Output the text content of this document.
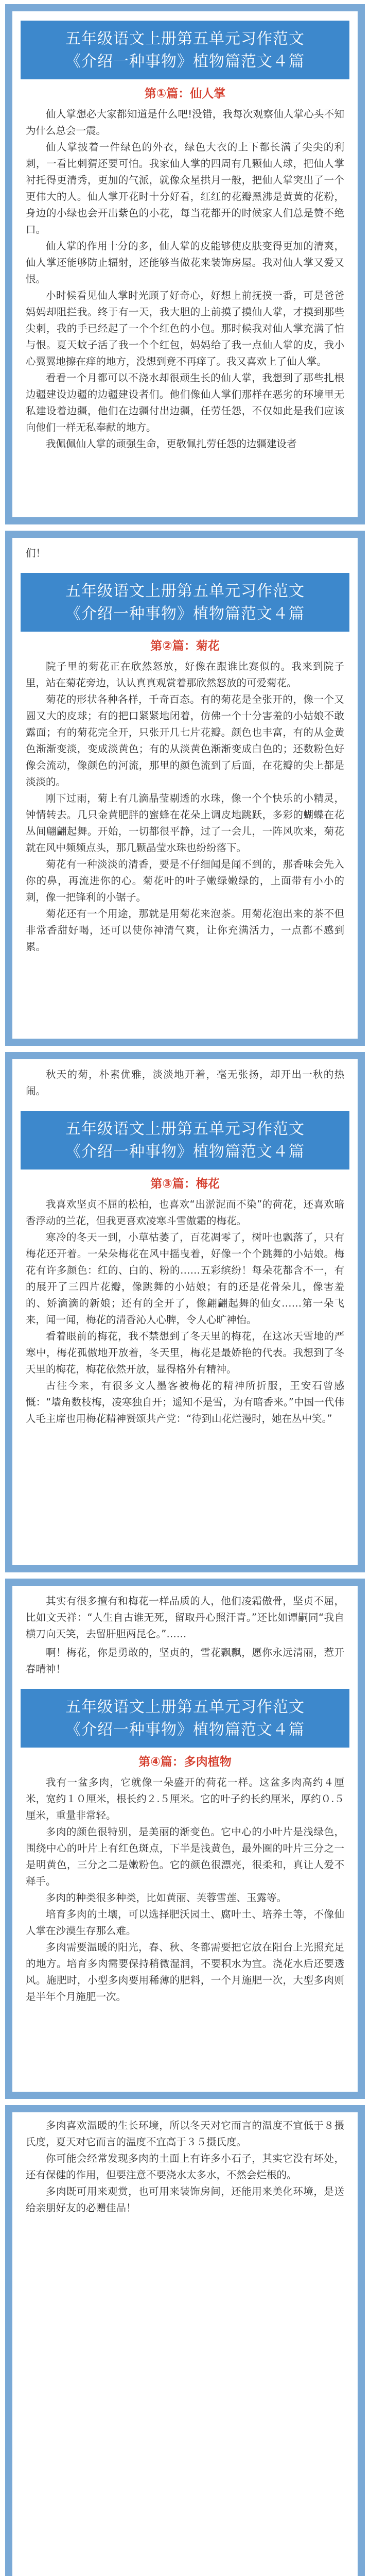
五年级语文上册第五单元习作范文
《介绍一种事物》植物篇范文４篇
第①篇：仙人掌

仙人掌想必大家都知道是什么吧!没错，我每次观察仙人掌心头不知为什么总会一震。

仙人掌披着一件绿色的外衣，绿色大衣的上下都长满了尖尖的利刺，一看比刺猬还要可怕。我家仙人掌的四周有几颗仙人球，把仙人掌衬托得更清秀，更加的气派，就像众星拱月一般，把仙人掌突出了一个更伟大的人。仙人掌开花时十分好看，红红的花瓣黑沸是黄黄的花粉，身边的小绿也会开出紫色的小花，每当花都开的时候家人们总是赞不绝口。

仙人掌的作用十分的多，仙人掌的皮能够使皮肤变得更加的清爽，仙人掌还能够防止辐射，还能够当做花来装饰房屋。我对仙人掌又爱又恨。

小时候看见仙人掌时光顾了好奇心，好想上前抚摸一番，可是爸爸妈妈却阻拦我。终于有一天，我大胆的上前摸了摸仙人掌，才摸到那些尖刺，我的手已经起了一个个红色的小包。那时候我对仙人掌充满了怕与恨。夏天蚊子活了我一个个红包，妈妈给了我一点仙人掌的皮，我小心翼翼地擦在痒的地方，没想到竟不再痒了。我又喜欢上了仙人掌。

看看一个月都可以不浇水却很顽生长的仙人掌，我想到了那些扎根边疆建设边疆的边疆建设者们。他们像仙人掌们那样在恶劣的环境里无私建设着边疆，他们在边疆付出边疆，任劳任怨，不仅如此是我们应该向他们一样无私奉献的地方。

我佩佩仙人掌的顽强生命，更敬佩扎劳任怨的边疆建设者

们！

五年级语文上册第五单元习作范文
《介绍一种事物》植物篇范文４篇
第②篇：菊花

院子里的菊花正在欣然怒放，好像在跟谁比赛似的。我来到院子里，站在菊花旁边，认认真真观赏着那欣然怒放的可爱菊花。

菊花的形状各种各样，千奇百态。有的菊花是全张开的，像一个又圆又大的皮球；有的把口紧紧地闭着，仿佛一个十分害羞的小姑娘不敢露面；有的菊花完全开，只张开几七片花瓣。颜色也丰富，有的从金黄色渐渐变淡，变成淡黄色；有的从淡黄色渐渐变成白色的；还数粉色好像会流动，像颜色的河流，那里的颜色流到了后面，在花瓣的尖上都是淡淡的。

刚下过雨，菊上有几滴晶莹剔透的水珠，像一个个快乐的小精灵，钟情转去。几只金黄肥胖的蜜蜂在花朵上调皮地跳跃，多彩的蝴蝶在花丛间翩翩起舞。开始，一切都很平静，过了一会儿，一阵风吹来，菊花就在风中频频点头，那几颗晶莹水珠也纷纷落下。

菊花有一种淡淡的清香，要是不仔细闻是闻不到的，那香味会先入你的鼻，再流进你的心。菊花叶的叶子嫩绿嫩绿的，上面带有小小的刺，像一把锋利的小锯子。

菊花还有一个用途，那就是用菊花来泡茶。用菊花泡出来的茶不但非常香甜好喝，还可以使你神清气爽，让你充满活力，一点都不感到累。

秋天的菊，朴素优雅，淡淡地开着，毫无张扬，却开出一秋的热闹。

五年级语文上册第五单元习作范文
《介绍一种事物》植物篇范文４篇
第③篇：梅花

我喜欢坚贞不屈的松柏，也喜欢“出淤泥而不染”的荷花，还喜欢暗香浮动的兰花，但我更喜欢凌寒斗雪傲霜的梅花。

寒冷的冬天一到，小草枯萎了，百花凋零了，树叶也飘落了，只有梅花还开着。一朵朵梅花在风中摇曳着，好像一个个跳舞的小姑娘。梅花有许多颜色：红的、白的、粉的……五彩缤纷！每朵花都含不一，有的展开了三四片花瓣，像跳舞的小姑娘；有的还是花骨朵儿，像害羞的、娇滴滴的新娘；还有的全开了，像翩翩起舞的仙女……第一朵飞来，闻一闻，梅花的清香沁人心脾，令人心旷神怡。

看着眼前的梅花，我不禁想到了冬天里的梅花，在这冰天雪地的严寒中，梅花孤傲地开放着，冬天里，梅花是最娇艳的代表。我想到了冬天里的梅花，梅花依然开放，显得格外有精神。

古往今来，有很多文人墨客被梅花的精神所折服，王安石曾感慨：“墙角数枝梅，凌寒独自开；遥知不是雪，为有暗香来。”中国一代伟人毛主席也用梅花精神赞颂共产党：“待到山花烂漫时，她在丛中笑。”

其实有很多擅有和梅花一样品质的人，他们凌霜傲骨，坚贞不屈，比如文天祥：“人生自古谁无死，留取丹心照汗青。”还比如谭嗣同“我自横刀向天笑，去留肝胆两昆仑。”……

啊！梅花，你是勇敢的，坚贞的，雪花飘飘，愿你永远清丽，惹开春晴神！

五年级语文上册第五单元习作范文
《介绍一种事物》植物篇范文４篇
第④篇：多肉植物

我有一盆多肉，它就像一朵盛开的荷花一样。这盆多肉高约４厘米，宽约１０厘米，根长约２.５厘米。它的叶子约长约厘米，厚约０.５厘米，重量非常轻。

多肉的颜色很特别，是美丽的渐变色。它中心的小叶片是浅绿色，围绕中心的叶片上有红色斑点，下半是浅黄色，最外圈的叶片三分之一是明黄色，三分之二是嫩粉色。它的颜色很漂亮，很柔和，真让人爱不释手。

多肉的种类很多种类，比如黄丽、芙蓉雪莲、玉露等。

培育多肉的土壤，可以选择肥沃园土、腐叶土、培养土等，不像仙人掌在沙漠生存那么难。

多肉需要温暖的阳光，春、秋、冬都需要把它放在阳台上光照充足的地方。培育多肉需要保持稍微湿润，不要积水为宜。浇花水后还要透风。施肥时，小型多肉要用稀薄的肥料，一个月施肥一次，大型多肉则是半年个月施肥一次。

多肉喜欢温暖的生长环境，所以冬天对它而言的温度不宜低于８摄氏度，夏天对它而言的温度不宜高于３５摄氏度。

你可能会经常发现多肉的土面上有许多小石子，其实它没有坏处，还有保健的作用，但要注意不要浇水太多水，不然会烂根的。

多肉既可用来观赏，也可用来装饰房间，还能用来美化环境，是送给亲朋好友的必赠佳品！
